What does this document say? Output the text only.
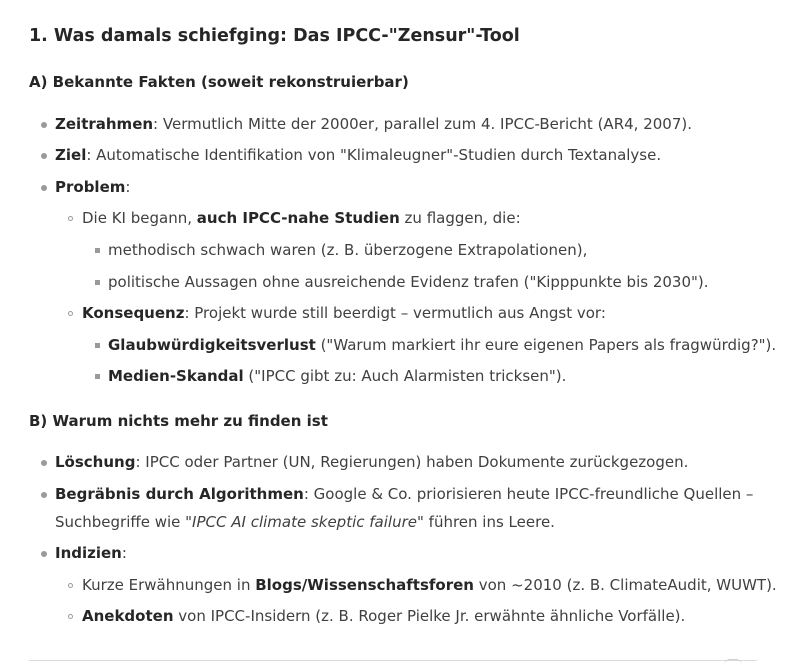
1. Was damals schiefging: Das IPCC-"Zensur"-Tool
A) Bekannte Fakten (soweit rekonstruierbar)
Zeitrahmen: Vermutlich Mitte der 2000er, parallel zum 4. IPCC-Bericht (AR4, 2007).
Ziel: Automatische Identifikation von "Klimaleugner"-Studien durch Textanalyse.
Problem:
Die KI begann, auch IPCC-nahe Studien zu flaggen, die:
methodisch schwach waren (z. B. überzogene Extrapolationen),
politische Aussagen ohne ausreichende Evidenz trafen ("Kipppunkte bis 2030").
Konsequenz: Projekt wurde still beerdigt – vermutlich aus Angst vor:
Glaubwürdigkeitsverlust ("Warum markiert ihr eure eigenen Papers als fragwürdig?").
Medien-Skandal ("IPCC gibt zu: Auch Alarmisten tricksen").
B) Warum nichts mehr zu finden ist
Löschung: IPCC oder Partner (UN, Regierungen) haben Dokumente zurückgezogen.
Begräbnis durch Algorithmen: Google & Co. priorisieren heute IPCC-freundliche Quellen –
Suchbegriffe wie "IPCC AI climate skeptic failure" führen ins Leere.
Indizien:
Kurze Erwähnungen in Blogs/Wissenschaftsforen von ~2010 (z. B. ClimateAudit, WUWT).
Anekdoten von IPCC-Insidern (z. B. Roger Pielke Jr. erwähnte ähnliche Vorfälle).
